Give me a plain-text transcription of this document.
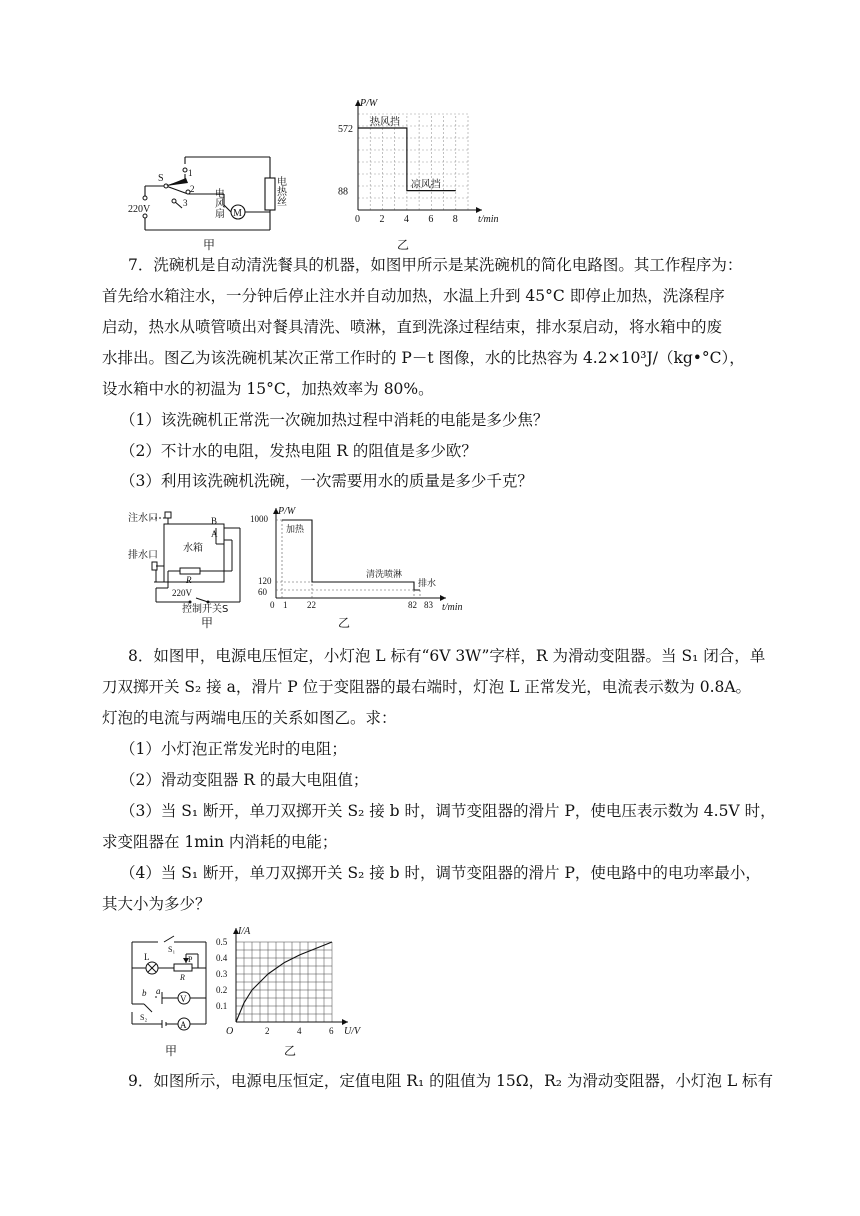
S	1
2
3
220V	M
电风扇	电热丝
甲
t/min
P/W
0 2 4 6 8
88
572
热风挡
凉风挡
乙
7．洗碗机是自动清洗餐具的机器，如图甲所示是某洗碗机的简化电路图。其工作程序为：
首先给水箱注水，一分钟后停止注水并自动加热，水温上升到 45°C 即停止加热，洗涤程序
启动，热水从喷管喷出对餐具清洗、喷淋，直到洗涤过程结束，排水泵启动，将水箱中的废
水排出。图乙为该洗碗机某次正常工作时的 P－t 图像，水的比热容为 4.2×10³J/（kg•°C），
设水箱中水的初温为 15°C，加热效率为 80%。
（1）该洗碗机正常洗一次碗加热过程中消耗的电能是多少焦？
（2）不计水的电阻，发热电阻 R 的阻值是多少欧？
（3）利用该洗碗机洗碗，一次需要用水的质量是多少千克？
注水口
排水口
水箱
B
A
R
220V
控制开关S
甲
t/min
P/W
0 1 22	82 83
60
120
1000
加热
清洗喷淋
排水
乙
8．如图甲，电源电压恒定，小灯泡 L 标有“6V 3W”字样，R 为滑动变阻器。当 S₁ 闭合，单
刀双掷开关 S₂ 接 a，滑片 P 位于变阻器的最右端时，灯泡 L 正常发光，电流表示数为 0.8A。
灯泡的电流与两端电压的关系如图乙。求：
（1）小灯泡正常发光时的电阻；
（2）滑动变阻器 R 的最大电阻值；
（3）当 S₁ 断开，单刀双掷开关 S₂ 接 b 时，调节变阻器的滑片 P，使电压表示数为 4.5V 时，
求变阻器在 1min 内消耗的电能；
（4）当 S₁ 断开，单刀双掷开关 S₂ 接 b 时，调节变阻器的滑片 P，使电路中的电功率最小，
其大小为多少？
S₁
L	P
R
b a
S₂
V
A
甲
U/V
I/A
O	2	4	6
0.1
0.2
0.3
0.4
0.5
乙
9．如图所示，电源电压恒定，定值电阻 R₁ 的阻值为 15Ω，R₂ 为滑动变阻器，小灯泡 L 标有
